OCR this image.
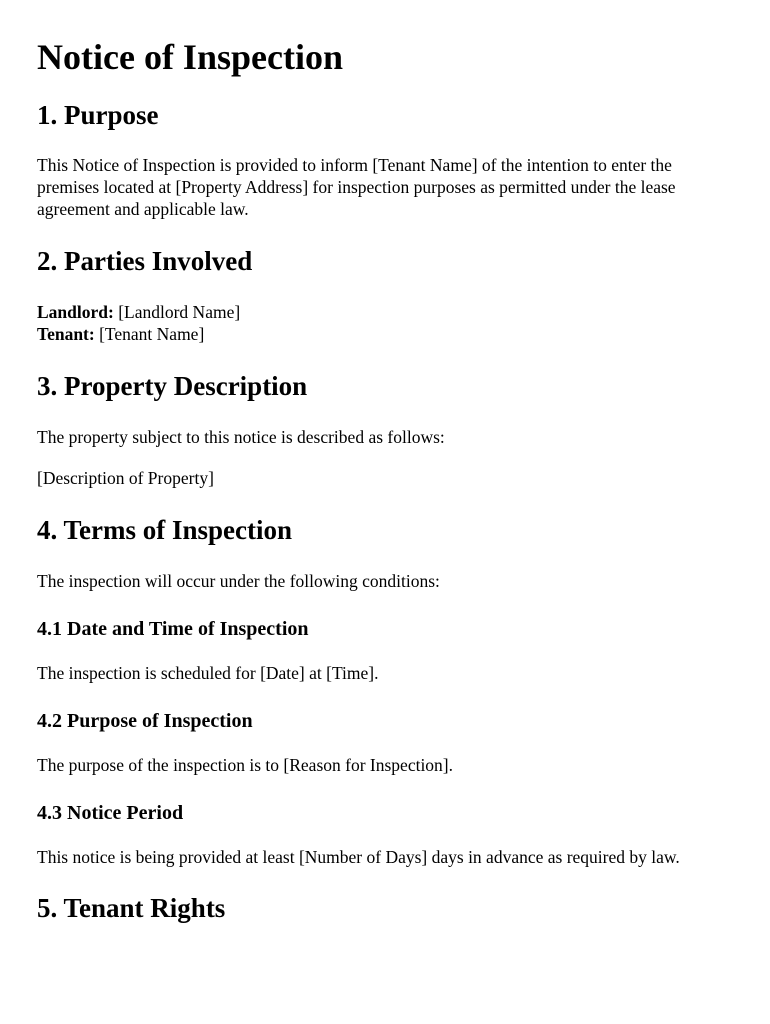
Notice of Inspection
1. Purpose

This Notice of Inspection is provided to inform [Tenant Name] of the intention to enter the premises located at [Property Address] for inspection purposes as permitted under the lease agreement and applicable law.

2. Parties Involved

Landlord: [Landlord Name]
Tenant: [Tenant Name]

3. Property Description

The property subject to this notice is described as follows:

[Description of Property]

4. Terms of Inspection

The inspection will occur under the following conditions:

4.1 Date and Time of Inspection

The inspection is scheduled for [Date] at [Time].

4.2 Purpose of Inspection

The purpose of the inspection is to [Reason for Inspection].

4.3 Notice Period

This notice is being provided at least [Number of Days] days in advance as required by law.

5. Tenant Rights
